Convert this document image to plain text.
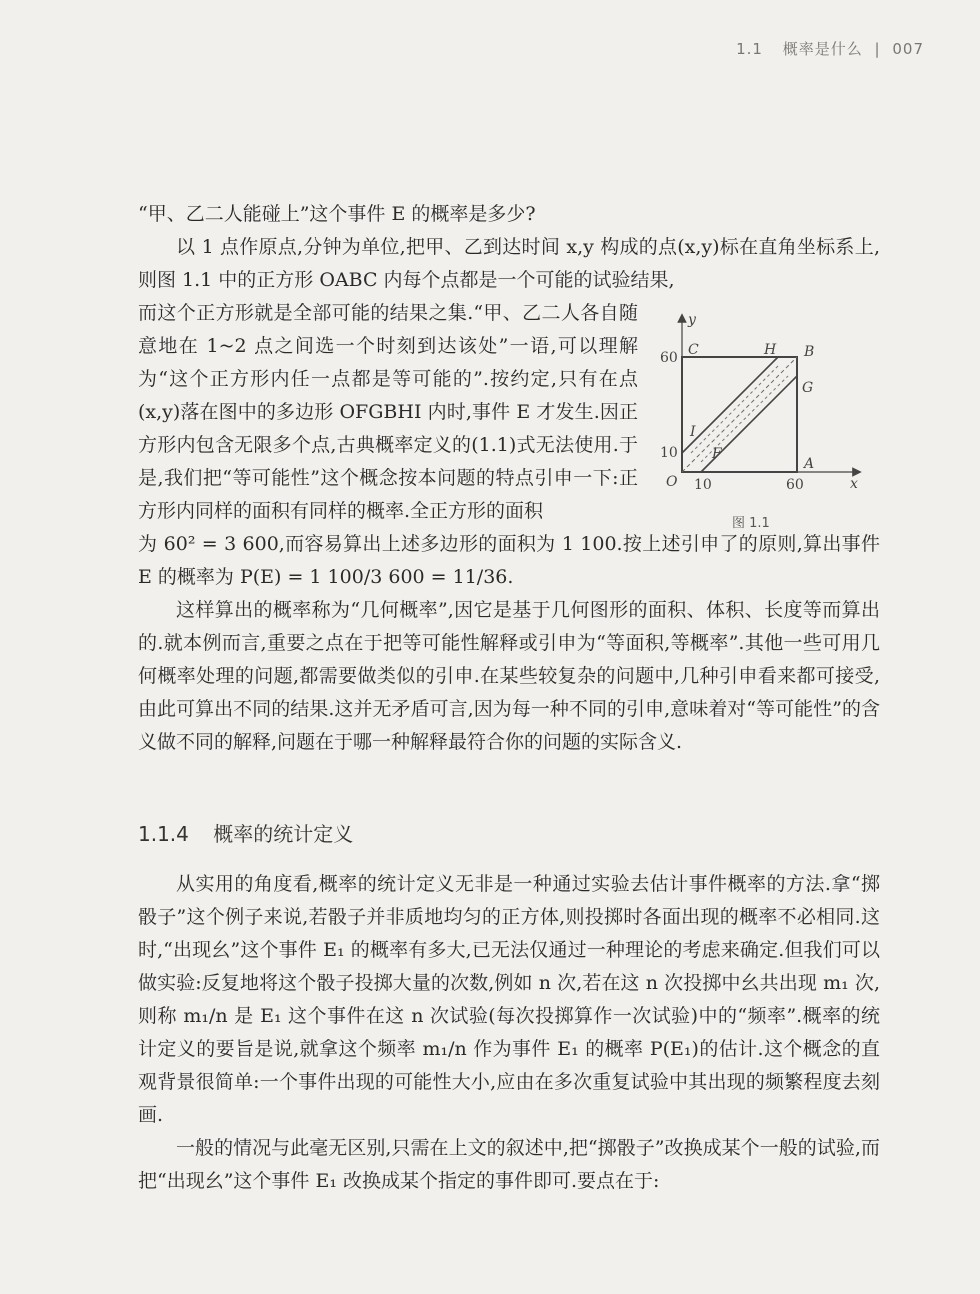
1.1 概率是什么 | 007

“甲、乙二人能碰上”这个事件 E 的概率是多少?

以 1 点作原点,分钟为单位,把甲、乙到达时间 x,y 构成的点(x,y)标在直角坐标系上,则图 1.1 中的正方形 OABC 内每个点都是一个可能的试验结果,

而这个正方形就是全部可能的结果之集.“甲、乙二人各自随意地在 1~2 点之间选一个时刻到达该处”一语,可以理解为“这个正方形内任一点都是等可能的”.按约定,只有在点(x,y)落在图中的多边形 OFGBHI 内时,事件 E 才发生.因正方形内包含无限多个点,古典概率定义的(1.1)式无法使用.于是,我们把“等可能性”这个概念按本问题的特点引申一下:正方形内同样的面积有同样的概率.全正方形的面积

为 60² = 3 600,而容易算出上述多边形的面积为 1 100.按上述引申了的原则,算出事件 E 的概率为 P(E) = 1 100/3 600 = 11/36.

这样算出的概率称为“几何概率”,因它是基于几何图形的面积、体积、长度等而算出的.就本例而言,重要之点在于把等可能性解释或引申为“等面积,等概率”.其他一些可用几何概率处理的问题,都需要做类似的引申.在某些较复杂的问题中,几种引申看来都可接受,由此可算出不同的结果.这并无矛盾可言,因为每一种不同的引申,意味着对“等可能性”的含义做不同的解释,问题在于哪一种解释最符合你的问题的实际含义.

1.1.4 概率的统计定义

从实用的角度看,概率的统计定义无非是一种通过实验去估计事件概率的方法.拿“掷骰子”这个例子来说,若骰子并非质地均匀的正方体,则投掷时各面出现的概率不必相同.这时,“出现幺”这个事件 E₁ 的概率有多大,已无法仅通过一种理论的考虑来确定.但我们可以做实验:反复地将这个骰子投掷大量的次数,例如 n 次,若在这 n 次投掷中幺共出现 m₁ 次,则称 m₁/n 是 E₁ 这个事件在这 n 次试验(每次投掷算作一次试验)中的“频率”.概率的统计定义的要旨是说,就拿这个频率 m₁/n 作为事件 E₁ 的概率 P(E₁)的估计.这个概念的直观背景很简单:一个事件出现的可能性大小,应由在多次重复试验中其出现的频繁程度去刻画.

一般的情况与此毫无区别,只需在上文的叙述中,把“掷骰子”改换成某个一般的试验,而把“出现幺”这个事件 E₁ 改换成某个指定的事件即可.要点在于:

y
x
O
A
B
C
F
G
H
I
60
10
10	60
图 1.1
